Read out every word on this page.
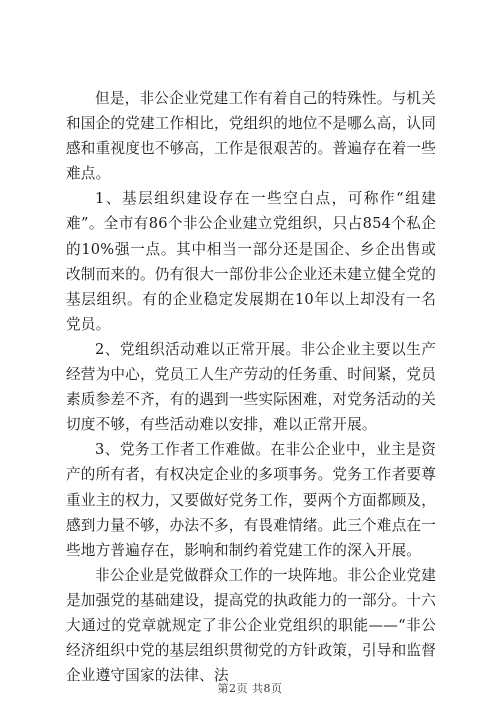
但是，非公企业党建工作有着自己的特殊性。与机关和国企的党建工作相比，党组织的地位不是哪么高，认同感和重视度也不够高，工作是很艰苦的。普遍存在着一些难点。

1、基层组织建设存在一些空白点，可称作“组建难”。全市有86个非公企业建立党组织，只占854个私企的10%强一点。其中相当一部分还是国企、乡企出售或改制而来的。仍有很大一部份非公企业还未建立健全党的基层组织。有的企业稳定发展期在10年以上却没有一名党员。

2、党组织活动难以正常开展。非公企业主要以生产经营为中心，党员工人生产劳动的任务重、时间紧，党员素质参差不齐，有的遇到一些实际困难，对党务活动的关切度不够，有些活动难以安排，难以正常开展。

3、党务工作者工作难做。在非公企业中，业主是资产的所有者，有权决定企业的多项事务。党务工作者要尊重业主的权力，又要做好党务工作，要两个方面都顾及，感到力量不够，办法不多，有畏难情绪。此三个难点在一些地方普遍存在，影响和制约着党建工作的深入开展。

非公企业是党做群众工作的一块阵地。非公企业党建是加强党的基础建设，提高党的执政能力的一部分。十六大通过的党章就规定了非公企业党组织的职能——“非公经济组织中党的基层组织贯彻党的方针政策，引导和监督企业遵守国家的法律、法

第2页 共8页
